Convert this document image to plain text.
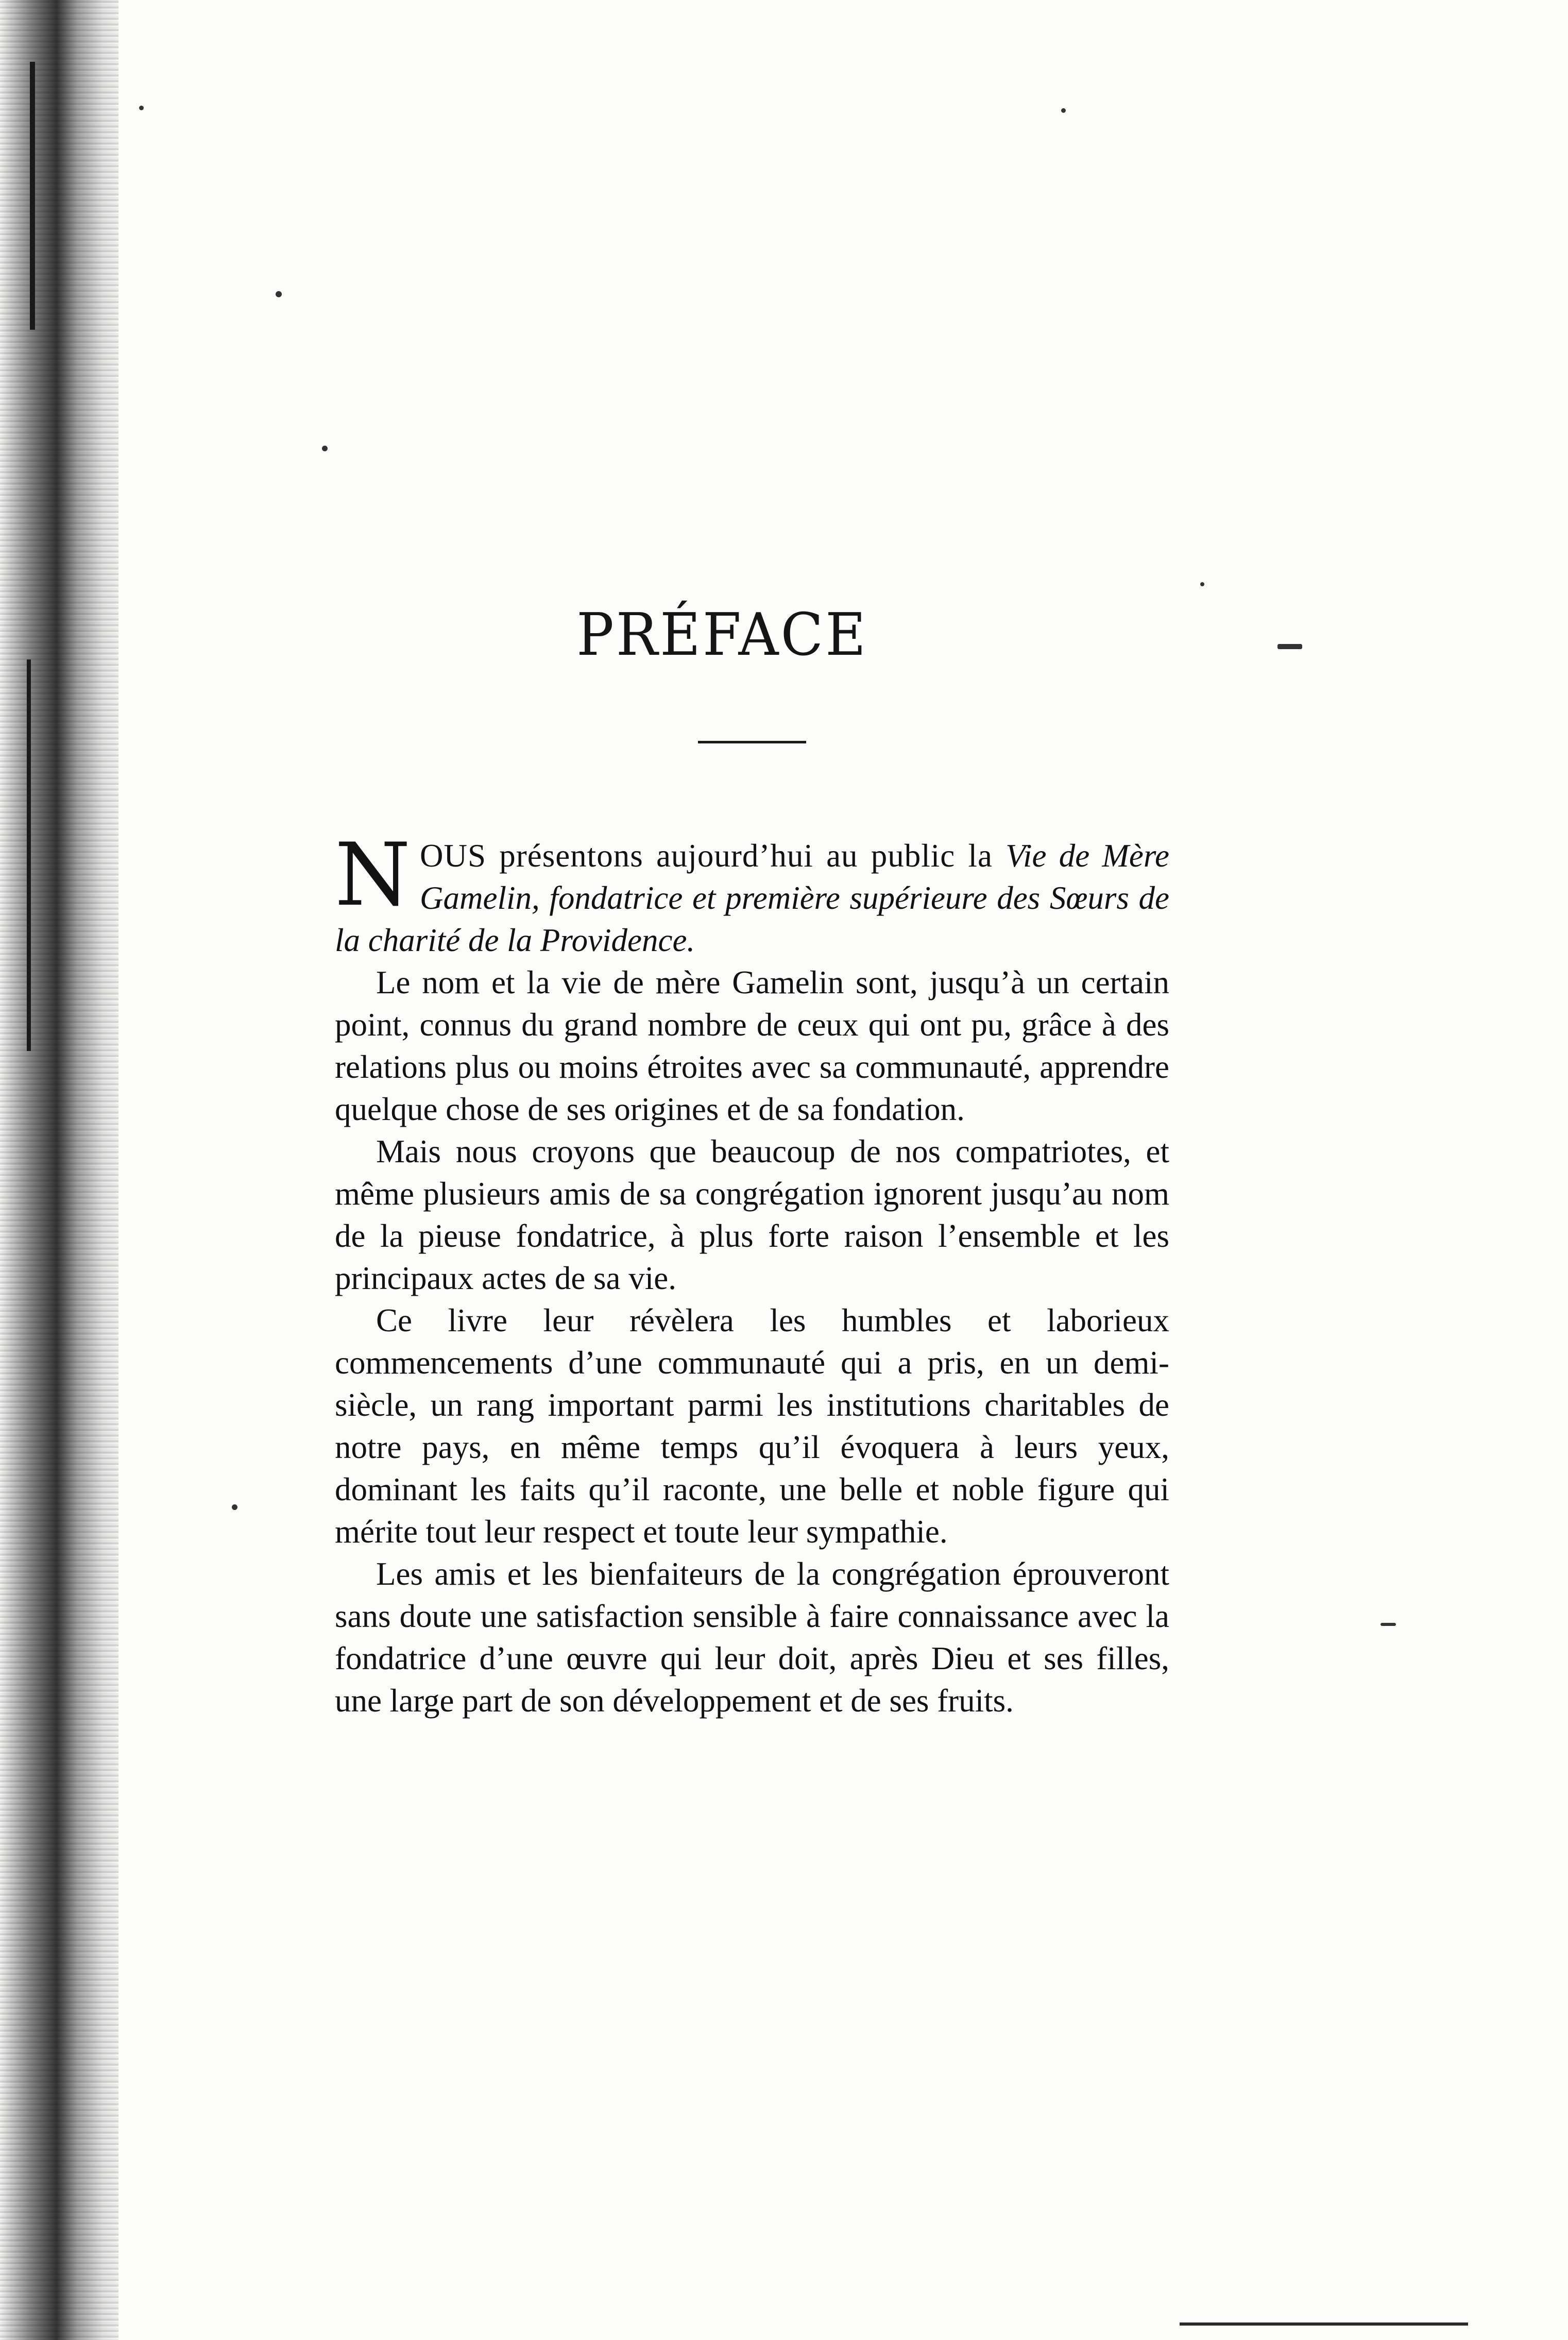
PRÉFACE

NOUS présentons aujourd’hui au public la Vie de Mère Gamelin, fondatrice et première supérieure des Sœurs de la charité de la Providence.

Le nom et la vie de mère Gamelin sont, jusqu’à un certain point, connus du grand nombre de ceux qui ont pu, grâce à des relations plus ou moins étroites avec sa communauté, apprendre quelque chose de ses origines et de sa fondation.

Mais nous croyons que beaucoup de nos compatriotes, et même plusieurs amis de sa congrégation ignorent jusqu’au nom de la pieuse fondatrice, à plus forte raison l’ensemble et les principaux actes de sa vie.

Ce livre leur révèlera les humbles et laborieux commencements d’une communauté qui a pris, en un demi-siècle, un rang important parmi les institutions charitables de notre pays, en même temps qu’il évoquera à leurs yeux, dominant les faits qu’il raconte, une belle et noble figure qui mérite tout leur respect et toute leur sympathie.

Les amis et les bienfaiteurs de la congrégation éprouveront sans doute une satisfaction sensible à faire connaissance avec la fondatrice d’une œuvre qui leur doit, après Dieu et ses filles, une large part de son développement et de ses fruits.
